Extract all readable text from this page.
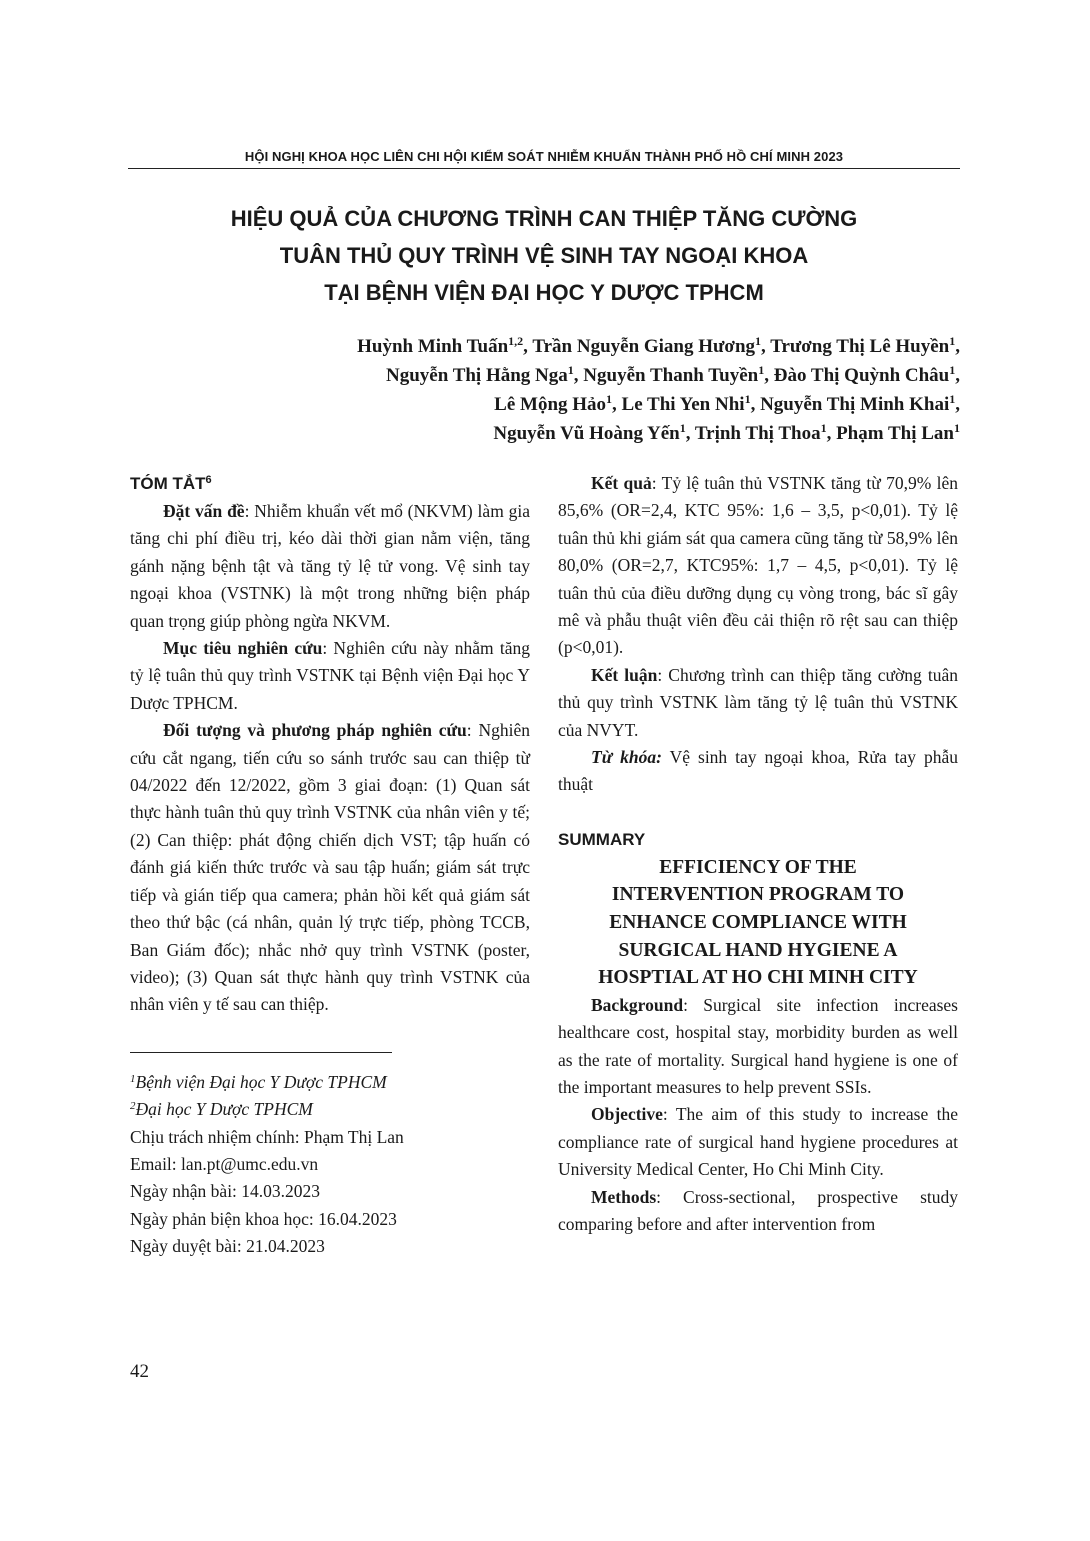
HỘI NGHỊ KHOA HỌC LIÊN CHI HỘI KIỂM SOÁT NHIỄM KHUẨN THÀNH PHỐ HỒ CHÍ MINH 2023
HIỆU QUẢ CỦA CHƯƠNG TRÌNH CAN THIỆP TĂNG CƯỜNG
TUÂN THỦ QUY TRÌNH VỆ SINH TAY NGOẠI KHOA
TẠI BỆNH VIỆN ĐẠI HỌC Y DƯỢC TPHCM
Huỳnh Minh Tuấn$^{1,2}$, Trần Nguyễn Giang Hương$^1$, Trương Thị Lê Huyền$^1$,
Nguyễn Thị Hằng Nga$^1$, Nguyễn Thanh Tuyền$^1$, Đào Thị Quỳnh Châu$^1$,
Lê Mộng Hảo$^1$, Le Thi Yen Nhi$^1$, Nguyễn Thị Minh Khai$^1$,
Nguyễn Vũ Hoàng Yến$^1$, Trịnh Thị Thoa$^1$, Phạm Thị Lan$^1$
TÓM TẮT$^6$

Đặt vấn đề: Nhiễm khuẩn vết mổ (NKVM) làm gia tăng chi phí điều trị, kéo dài thời gian nằm viện, tăng gánh nặng bệnh tật và tăng tỷ lệ tử vong. Vệ sinh tay ngoại khoa (VSTNK) là một trong những biện pháp quan trọng giúp phòng ngừa NKVM.

Mục tiêu nghiên cứu: Nghiên cứu này nhằm tăng tỷ lệ tuân thủ quy trình VSTNK tại Bệnh viện Đại học Y Dược TPHCM.

Đối tượng và phương pháp nghiên cứu: Nghiên cứu cắt ngang, tiến cứu so sánh trước sau can thiệp từ 04/2022 đến 12/2022, gồm 3 giai đoạn: (1) Quan sát thực hành tuân thủ quy trình VSTNK của nhân viên y tế; (2) Can thiệp: phát động chiến dịch VST; tập huấn có đánh giá kiến thức trước và sau tập huấn; giám sát trực tiếp và gián tiếp qua camera; phản hồi kết quả giám sát theo thứ bậc (cá nhân, quản lý trực tiếp, phòng TCCB, Ban Giám đốc); nhắc nhở quy trình VSTNK (poster, video); (3) Quan sát thực hành quy trình VSTNK của nhân viên y tế sau can thiệp.

$^1$Bệnh viện Đại học Y Dược TPHCM

$^2$Đại học Y Dược TPHCM

Chịu trách nhiệm chính: Phạm Thị Lan

Email: lan.pt@umc.edu.vn

Ngày nhận bài: 14.03.2023

Ngày phản biện khoa học: 16.04.2023

Ngày duyệt bài: 21.04.2023

Kết quả: Tỷ lệ tuân thủ VSTNK tăng từ 70,9% lên 85,6% (OR=2,4, KTC 95%: 1,6 – 3,5, p<0,01). Tỷ lệ tuân thủ khi giám sát qua camera cũng tăng từ 58,9% lên 80,0% (OR=2,7, KTC95%: 1,7 – 4,5, p<0,01). Tỷ lệ tuân thủ của điều dưỡng dụng cụ vòng trong, bác sĩ gây mê và phẫu thuật viên đều cải thiện rõ rệt sau can thiệp (p<0,01).

Kết luận: Chương trình can thiệp tăng cường tuân thủ quy trình VSTNK làm tăng tỷ lệ tuân thủ VSTNK của NVYT.

Từ khóa: Vệ sinh tay ngoại khoa, Rửa tay phẫu thuật

SUMMARY
EFFICIENCY OF THE
INTERVENTION PROGRAM TO
ENHANCE COMPLIANCE WITH
SURGICAL HAND HYGIENE A
HOSPTIAL AT HO CHI MINH CITY

Background: Surgical site infection increases healthcare cost, hospital stay, morbidity burden as well as the rate of mortality. Surgical hand hygiene is one of the important measures to help prevent SSIs.

Objective: The aim of this study to increase the compliance rate of surgical hand hygiene procedures at University Medical Center, Ho Chi Minh City.

Methods: Cross-sectional, prospective study comparing before and after intervention from

42
